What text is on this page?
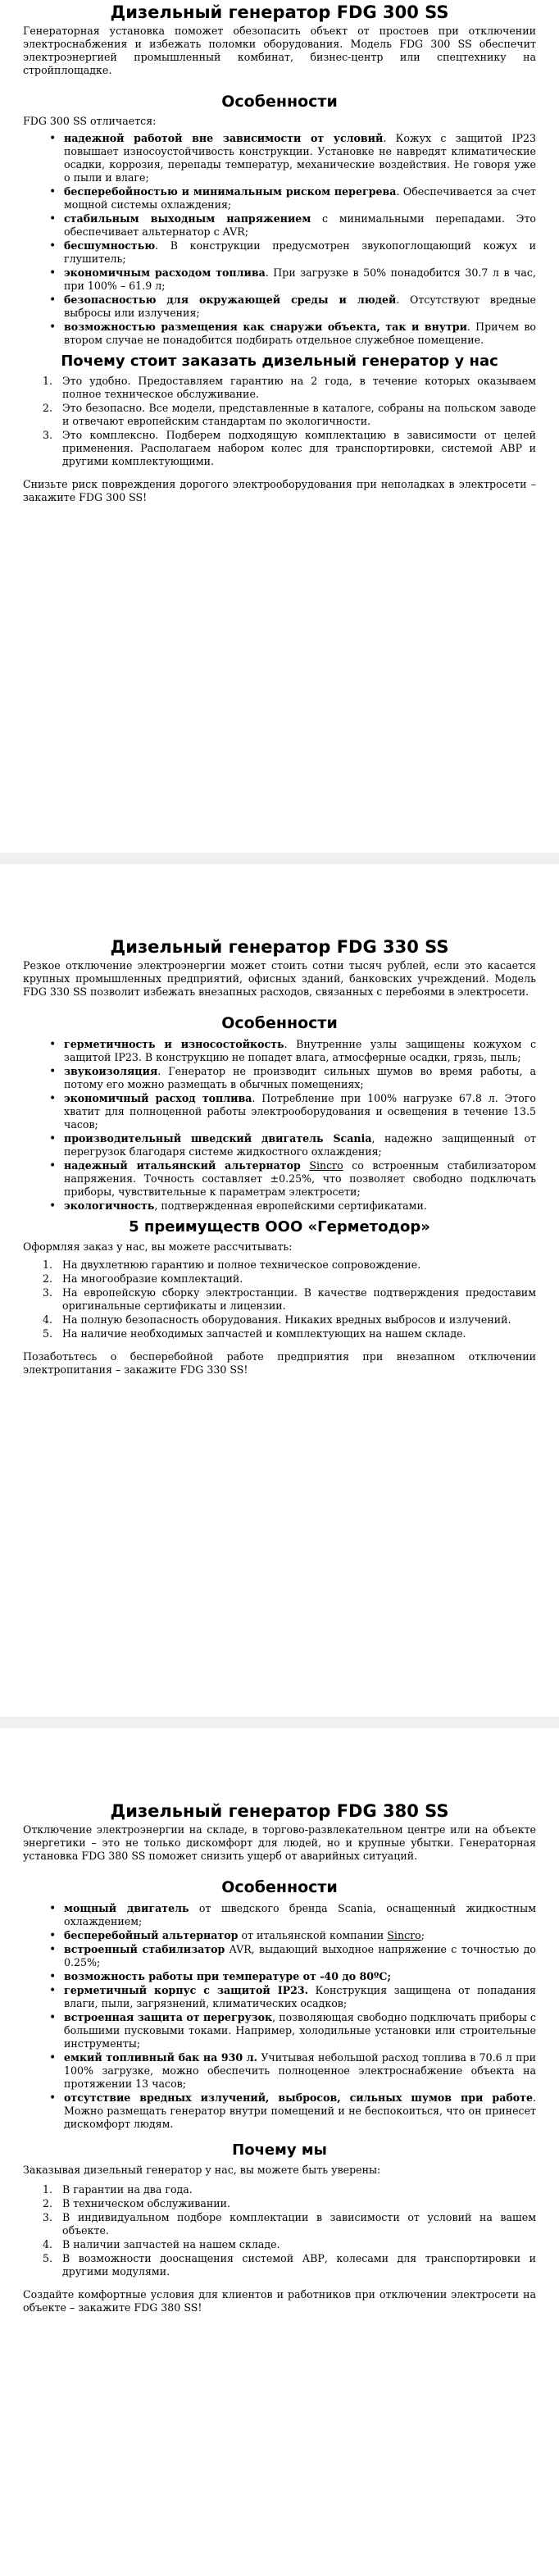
Дизельный генератор FDG 300 SS

Генераторная установка поможет обезопасить объект от простоев при отключении электроснабжения и избежать поломки оборудования. Модель FDG 300 SS обеспечит электроэнергией промышленный комбинат, бизнес-центр или спецтехнику на стройплощадке.

Особенности

FDG 300 SS отличается:

• надежной работой вне зависимости от условий. Кожух с защитой IP23 повышает износоустойчивость конструкции. Установке не навредят климатические осадки, коррозия, перепады температур, механические воздействия. Не говоря уже о пыли и влаге;
• бесперебойностью и минимальным риском перегрева. Обеспечивается за счет мощной системы охлаждения;
• стабильным выходным напряжением с минимальными перепадами. Это обеспечивает альтернатор с AVR;
• бесшумностью. В конструкции предусмотрен звукопоглощающий кожух и глушитель;
• экономичным расходом топлива. При загрузке в 50% понадобится 30.7 л в час, при 100% – 61.9 л;
• безопасностью для окружающей среды и людей. Отсутствуют вредные выбросы или излучения;
• возможностью размещения как снаружи объекта, так и внутри. Причем во втором случае не понадобится подбирать отдельное служебное помещение.
Почему стоит заказать дизельный генератор у нас
1. Это удобно. Предоставляем гарантию на 2 года, в течение которых оказываем полное техническое обслуживание.
2. Это безопасно. Все модели, представленные в каталоге, собраны на польском заводе и отвечают европейским стандартам по экологичности.
3. Это комплексно. Подберем подходящую комплектацию в зависимости от целей применения. Располагаем набором колес для транспортировки, системой АВР и другими комплектующими.

Снизьте риск повреждения дорогого электрооборудования при неполадках в электросети – закажите FDG 300 SS!

Дизельный генератор FDG 330 SS

Резкое отключение электроэнергии может стоить сотни тысяч рублей, если это касается крупных промышленных предприятий, офисных зданий, банковских учреждений. Модель FDG 330 SS позволит избежать внезапных расходов, связанных с перебоями в электросети.

Особенности
• герметичность и износостойкость. Внутренние узлы защищены кожухом с защитой IP23. В конструкцию не попадет влага, атмосферные осадки, грязь, пыль;
• звукоизоляция. Генератор не производит сильных шумов во время работы, а потому его можно размещать в обычных помещениях;
• экономичный расход топлива. Потребление при 100% нагрузке 67.8 л. Этого хватит для полноценной работы электрооборудования и освещения в течение 13.5 часов;
• производительный шведский двигатель Scania, надежно защищенный от перегрузок благодаря системе жидкостного охлаждения;
• надежный итальянский альтернатор Sincro со встроенным стабилизатором напряжения. Точность составляет ±0.25%, что позволяет свободно подключать приборы, чувствительные к параметрам электросети;
• экологичность, подтвержденная европейскими сертификатами.
5 преимуществ ООО «Герметодор»

Оформляя заказ у нас, вы можете рассчитывать:

1. На двухлетнюю гарантию и полное техническое сопровождение.
2. На многообразие комплектаций.
3. На европейскую сборку электростанции. В качестве подтверждения предоставим оригинальные сертификаты и лицензии.
4. На полную безопасность оборудования. Никаких вредных выбросов и излучений.
5. На наличие необходимых запчастей и комплектующих на нашем складе.

Позаботьтесь о бесперебойной работе предприятия при внезапном отключении электропитания – закажите FDG 330 SS!

Дизельный генератор FDG 380 SS

Отключение электроэнергии на складе, в торгово-развлекательном центре или на объекте энергетики – это не только дискомфорт для людей, но и крупные убытки. Генераторная установка FDG 380 SS поможет снизить ущерб от аварийных ситуаций.

Особенности
• мощный двигатель от шведского бренда Scania, оснащенный жидкостным охлаждением;
• бесперебойный альтернатор от итальянской компании Sincro;
• встроенный стабилизатор AVR, выдающий выходное напряжение с точностью до 0.25%;
• возможность работы при температуре от -40 до 80ºС;
• герметичный корпус с защитой IP23. Конструкция защищена от попадания влаги, пыли, загрязнений, климатических осадков;
• встроенная защита от перегрузок, позволяющая свободно подключать приборы с большими пусковыми токами. Например, холодильные установки или строительные инструменты;
• емкий топливный бак на 930 л. Учитывая небольшой расход топлива в 70.6 л при 100% загрузке, можно обеспечить полноценное электроснабжение объекта на протяжении 13 часов;
• отсутствие вредных излучений, выбросов, сильных шумов при работе. Можно размещать генератор внутри помещений и не беспокоиться, что он принесет дискомфорт людям.
Почему мы

Заказывая дизельный генератор у нас, вы можете быть уверены:

1. В гарантии на два года.
2. В техническом обслуживании.
3. В индивидуальном подборе комплектации в зависимости от условий на вашем объекте.
4. В наличии запчастей на нашем складе.
5. В возможности дооснащения системой АВР, колесами для транспортировки и другими модулями.

Создайте комфортные условия для клиентов и работников при отключении электросети на объекте – закажите FDG 380 SS!
